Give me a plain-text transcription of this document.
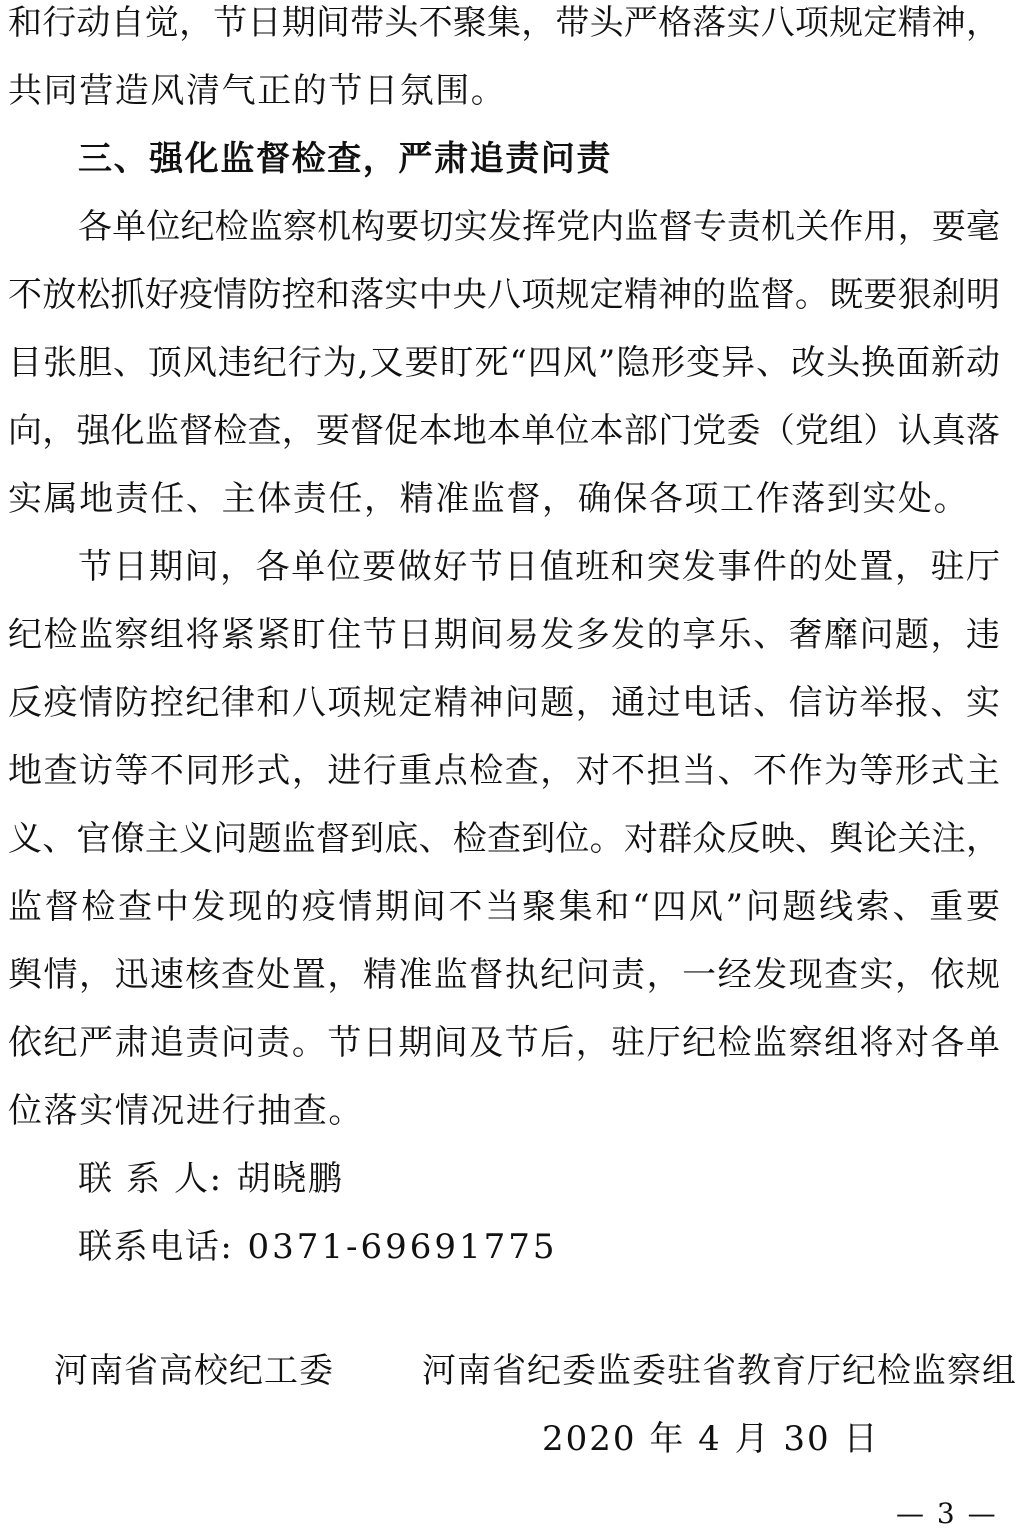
和行动自觉，节日期间带头不聚集，带头严格落实八项规定精神，
共同营造风清气正的节日氛围。
三、强化监督检查，严肃追责问责
各单位纪检监察机构要切实发挥党内监督专责机关作用，要毫
不放松抓好疫情防控和落实中央八项规定精神的监督。既要狠刹明
目张胆、顶风违纪行为,又要盯死“四风”隐形变异、改头换面新动
向，强化监督检查，要督促本地本单位本部门党委（党组）认真落
实属地责任、主体责任，精准监督，确保各项工作落到实处。
节日期间，各单位要做好节日值班和突发事件的处置，驻厅
纪检监察组将紧紧盯住节日期间易发多发的享乐、奢靡问题，违
反疫情防控纪律和八项规定精神问题，通过电话、信访举报、实
地查访等不同形式，进行重点检查，对不担当、不作为等形式主
义、官僚主义问题监督到底、检查到位。对群众反映、舆论关注，
监督检查中发现的疫情期间不当聚集和“四风”问题线索、重要
舆情，迅速核查处置，精准监督执纪问责，一经发现查实，依规
依纪严肃追责问责。节日期间及节后，驻厅纪检监察组将对各单
位落实情况进行抽查。
联 系 人: 胡晓鹏
联系电话: 0371-69691775
河南省高校纪工委	河南省纪委监委驻省教育厅纪检监察组
2020 年 4 月 30 日
— 3 —
